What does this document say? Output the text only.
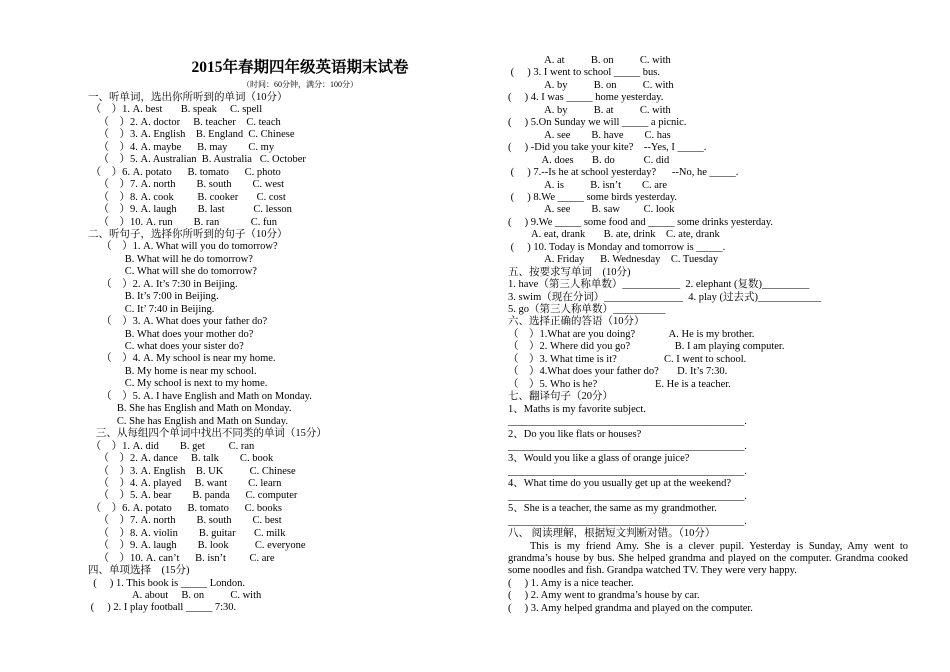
2015年春期四年级英语期末试卷
（时间：60分钟，满分：100分）
一、听单词，选出你所听到的单词（10分）
（    ）1. A. best       B. speak     C. spell
（    ）2. A. doctor     B. teacher    C. teach
（    ）3. A. English    B. England  C. Chinese
（    ）4. A. maybe      B. may        C. my
（    ）5. A. Australian  B. Australia   C. October
（    ）6. A. potato      B. tomato      C. photo
（    ）7. A. north        B. south        C. west
（    ）8. A. cook         B. cooker       C. cost
（    ）9. A. laugh        B. last           C. lesson
（    ）10. A. run        B. ran            C. fun
二、听句子，选择你所听到的句子（10分）
（    ）1. A. What will you do tomorrow?
B. What will he do tomorrow?
C. What will she do tomorrow?
（    ）2. A. It’s 7:30 in Beijing.
B. It’s 7:00 in Beijing.
C. It’ 7:40 in Beijing.
（    ）3. A. What does your father do?
B. What does your mother do?
C. what does your sister do?
（    ）4. A. My school is near my home.
B. My home is near my school.
C. My school is next to my home.
（    ）5. A. I have English and Math on Monday.
B. She has English and Math on Monday.
C. She has English and Math on Sunday.
三、从每组四个单词中找出不同类的单词（15分）
（    ）1. A. did        B. get         C. ran
（    ）2. A. dance     B. talk        C. book
（    ）3. A. English    B. UK          C. Chinese
（    ）4. A. played     B. want        C. learn
（    ）5. A. bear        B. panda      C. computer
（    ）6. A. potato      B. tomato      C. books
（    ）7. A. north        B. south        C. best
（    ）8. A. violin        B. guitar       C. milk
（    ）9. A. laugh        B. look          C. everyone
（    ）10. A. can’t      B. isn’t         C. are
四、单项选择    (15分)
(     ) 1. This book is _____ London.
A. about     B. on          C. with
(     ) 2. I play football _____ 7:30.
A. at          B. on          C. with
(     ) 3. I went to school _____ bus.
A. by          B. on          C. with
(     ) 4. I was _____ home yesterday.
A. by          B. at          C. with
(     ) 5.On Sunday we will _____ a picnic.
A. see        B. have        C. has
(     ) -Did you take your kite?    --Yes, I _____.
A. does       B. do           C. did
(     ) 7.--Is he at school yesterday?      --No, he _____.
A. is          B. isn’t        C. are
(     ) 8.We _____ some birds yesterday.
A. see        B. saw         C. look
(     ) 9.We _____ some food and _____ some drinks yesterday.
A. eat, drank       B. ate, drink    C. ate, drank
(     ) 10. Today is Monday and tomorrow is _____.
A. Friday      B. Wednesday    C. Tuesday
五、按要求写单词    (10分)
1. have（第三人称单数）___________  2. elephant (复数)_________
3. swim（现在分词）_______________  4. play (过去式)____________
5. go（第三人称单数）__________
六、选择正确的答语（10分）
（    ）1.What are you doing?             A. He is my brother.
（    ）2. Where did you go?                 B. I am playing computer.
（    ）3. What time is it?                  C. I went to school.
（    ）4.What does your father do?       D. It’s 7:30.
（    ）5. Who is he?                      E. He is a teacher.
七、翻译句子（20分）
1、Maths is my favorite subject.
_____________________________________________.
2、Do you like flats or houses?
_____________________________________________.
3、Would you like a glass of orange juice?
_____________________________________________.
4、What time do you usually get up at the weekend?
_____________________________________________.
5、She is a teacher, the same as my grandmother.
_____________________________________________.
八、 阅读理解，根据短文判断对错。（10分）
This is my friend Amy. She is a clever pupil. Yesterday is Sunday, Amy went to grandma’s house by bus. She helped grandma and played on the computer. Grandma cooked some noodles and fish. Grandpa watched TV. They were very happy.
(     ) 1. Amy is a nice teacher.
(     ) 2. Amy went to grandma’s house by car.
(     ) 3. Amy helped grandma and played on the computer.
